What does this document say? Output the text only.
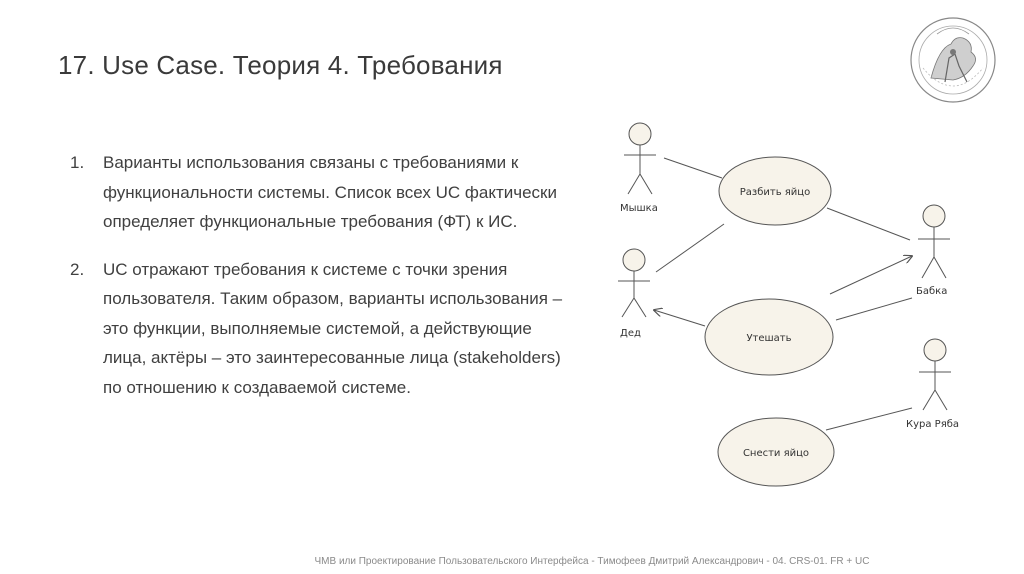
17. Use Case. Теория 4. Требования
1.	Варианты использования связаны с требованиями к функциональности системы. Список всех UC фактически определяет функциональные требования (ФТ) к ИС.
2.	UC отражают требования к системе с точки зрения пользователя. Таким образом, варианты использования – это функции, выполняемые системой, а действующие лица, актёры – это заинтересованные лица (stakeholders) по отношению к создаваемой системе.
Разбить яйцо
Утешать
Снести яйцо
Мышка
Дед
Бабка
Кура Ряба
ЧМВ или Проектирование Пользовательского Интерфейса - Тимофеев Дмитрий Александрович - 04. CRS-01. FR + UC
